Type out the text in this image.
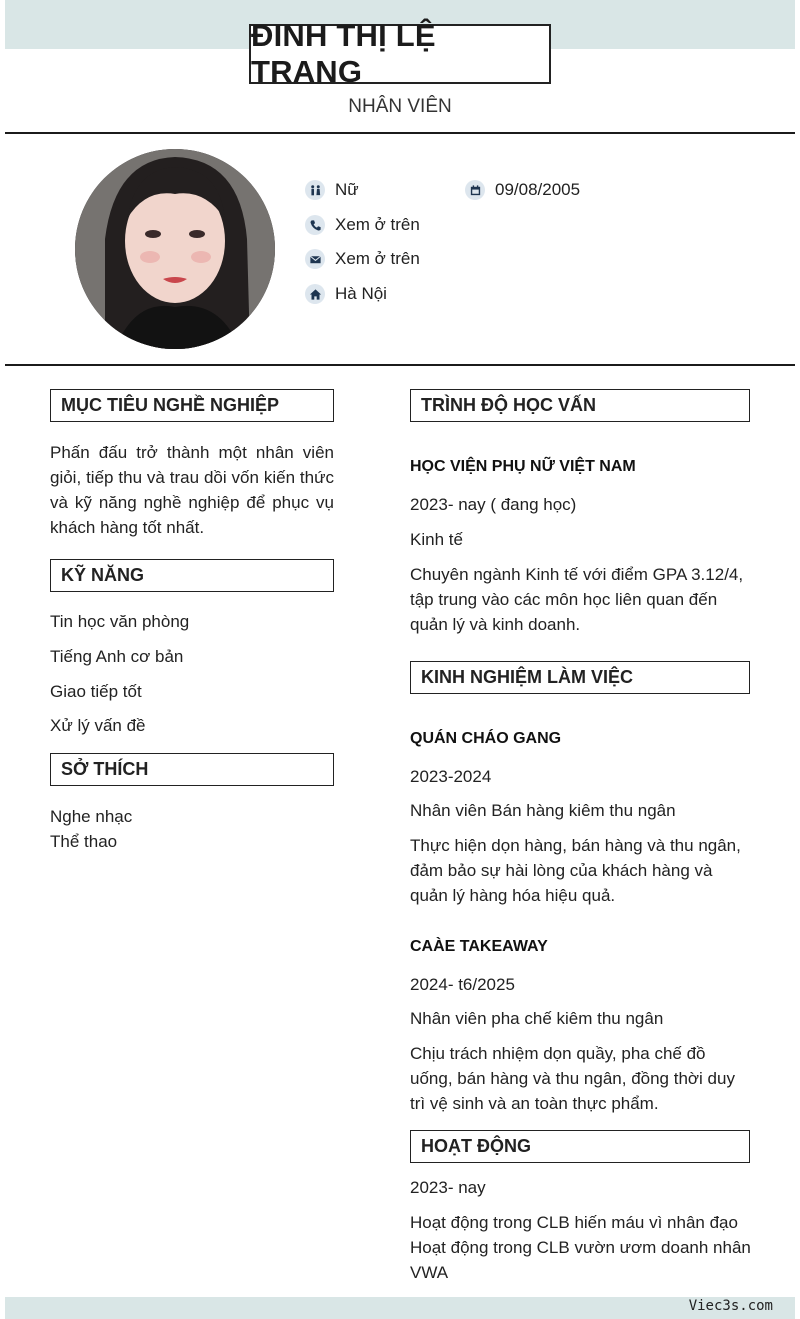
ĐINH THỊ LỆ TRANG
NHÂN VIÊN
Nữ	09/08/2005
Xem ở trên
Xem ở trên
Hà Nội
MỤC TIÊU NGHỀ NGHIỆP
Phấn đấu trở thành một nhân viên giỏi, tiếp thu và trau dồi vốn kiến thức và kỹ năng nghề nghiệp để phục vụ khách hàng tốt nhất.
KỸ NĂNG
Tin học văn phòng
Tiếng Anh cơ bản
Giao tiếp tốt
Xử lý vấn đề
SỞ THÍCH
Nghe nhạc
Thể thao
TRÌNH ĐỘ HỌC VẤN
HỌC VIỆN PHỤ NỮ VIỆT NAM
2023- nay ( đang học)
Kinh tế
Chuyên ngành Kinh tế với điểm GPA 3.12/4, tập trung vào các môn học liên quan đến quản lý và kinh doanh.
KINH NGHIỆM LÀM VIỆC
QUÁN CHÁO GANG
2023-2024
Nhân viên Bán hàng kiêm thu ngân
Thực hiện dọn hàng, bán hàng và thu ngân, đảm bảo sự hài lòng của khách hàng và quản lý hàng hóa hiệu quả.
CAÀE TAKEAWAY
2024- t6/2025
Nhân viên pha chế kiêm thu ngân
Chịu trách nhiệm dọn quầy, pha chế đồ uống, bán hàng và thu ngân, đồng thời duy trì vệ sinh và an toàn thực phẩm.
HOẠT ĐỘNG
2023- nay
Hoạt động trong CLB hiến máu vì nhân đạo
Hoạt động trong CLB vườn ươm doanh nhân VWA
Viec3s.com
